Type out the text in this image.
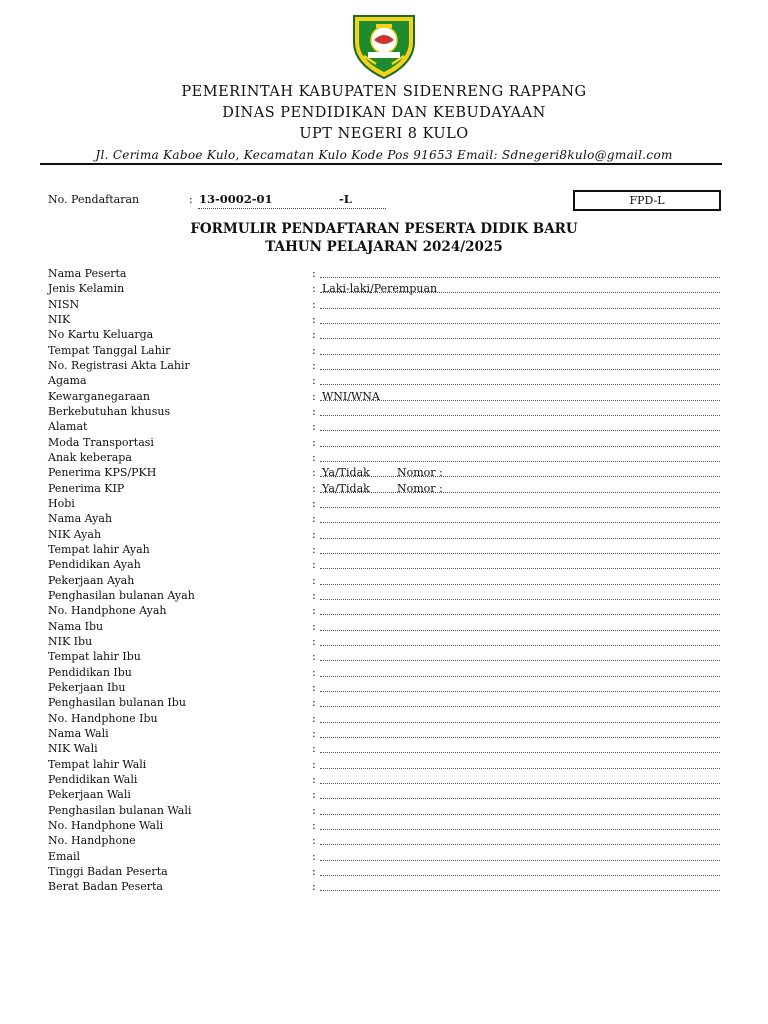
PEMERINTAH KABUPATEN SIDENRENG RAPPANG
DINAS PENDIDIKAN DAN KEBUDAYAAN
UPT NEGERI 8 KULO
Jl. Cerima Kaboe Kulo, Kecamatan Kulo Kode Pos 91653 Email: Sdnegeri8kulo@gmail.com
No. Pendaftaran	: 13-0002-01	-L	FPD-L
FORMULIR PENDAFTARAN PESERTA DIDIK BARU
TAHUN PELAJARAN 2024/2025
Nama Peserta	:
Jenis Kelamin	: Laki-laki/Perempuan
NISN	:
NIK	:
No Kartu Keluarga	:
Tempat Tanggal Lahir	:
No. Registrasi Akta Lahir	:
Agama	:
Kewarganegaraan	: WNI/WNA
Berkebutuhan khusus	:
Alamat	:
Moda Transportasi	:
Anak keberapa	:
Penerima KPS/PKH	: Ya/Tidak Nomor :
Penerima KIP	: Ya/Tidak Nomor :
Hobi	:
Nama Ayah	:
NIK Ayah	:
Tempat lahir Ayah	:
Pendidikan Ayah	:
Pekerjaan Ayah	:
Penghasilan bulanan Ayah	:
No. Handphone Ayah	:
Nama Ibu	:
NIK Ibu	:
Tempat lahir Ibu	:
Pendidikan Ibu	:
Pekerjaan Ibu	:
Penghasilan bulanan Ibu	:
No. Handphone Ibu	:
Nama Wali	:
NIK Wali	:
Tempat lahir Wali	:
Pendidikan Wali	:
Pekerjaan Wali	:
Penghasilan bulanan Wali	:
No. Handphone Wali	:
No. Handphone	:
Email	:
Tinggi Badan Peserta	:
Berat Badan Peserta	:
